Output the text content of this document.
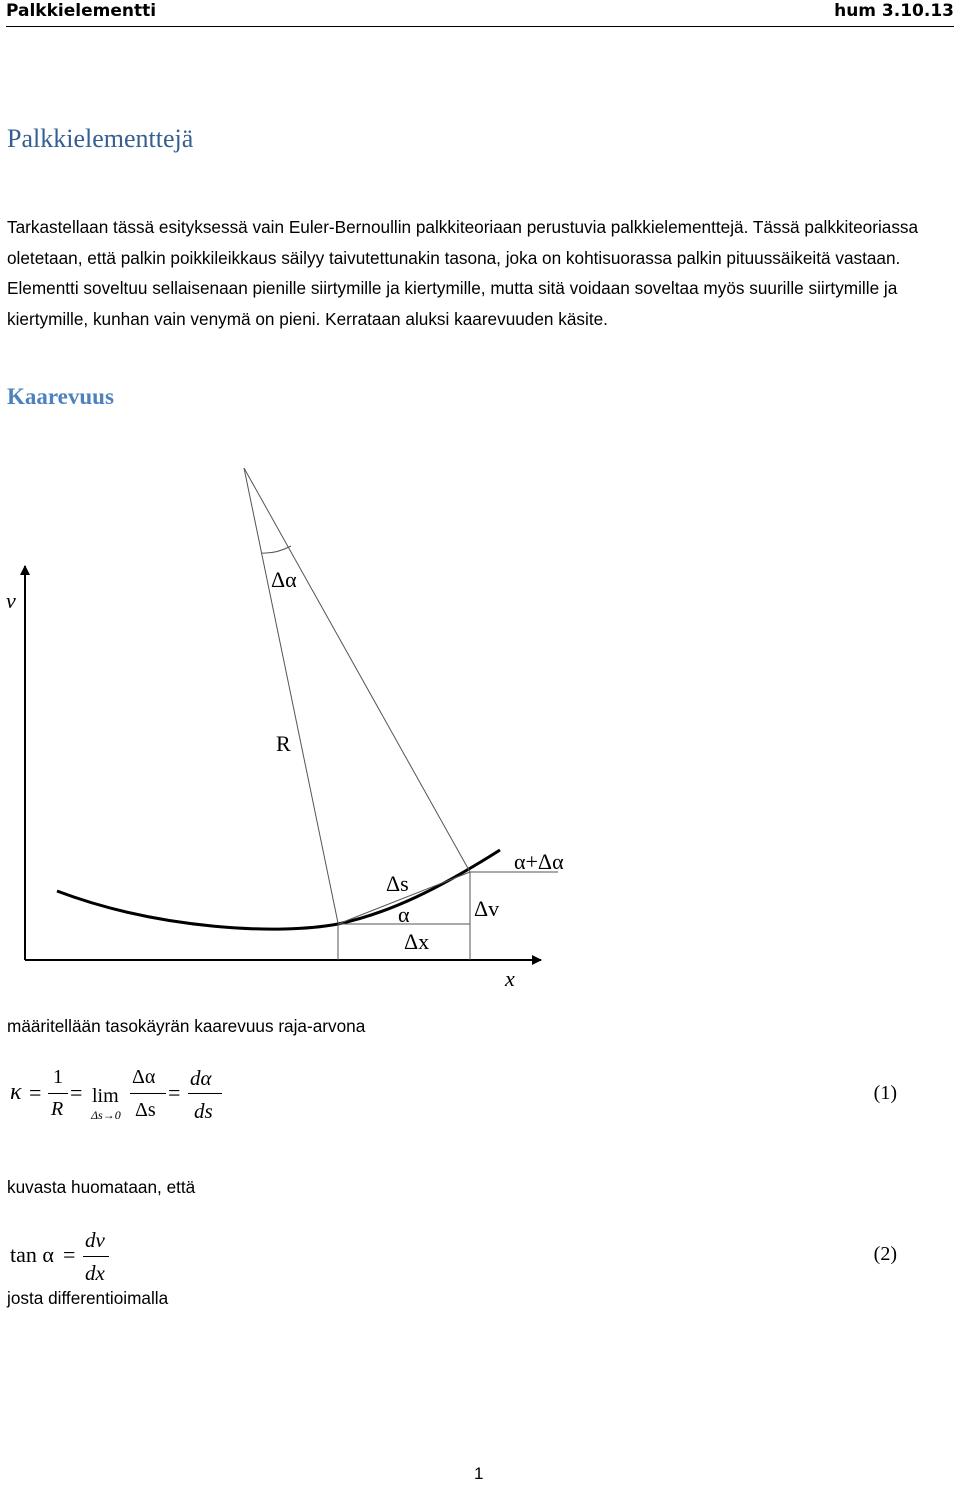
Palkkielementti	hum 3.10.13
Palkkielementtejä

Tarkastellaan tässä esityksessä vain Euler-Bernoullin palkkiteoriaan perustuvia palkkielementtejä. Tässä palkkiteoriassa oletetaan, että palkin poikkileikkaus säilyy taivutettunakin tasona, joka on kohtisuorassa palkin pituussäikeitä vastaan. Elementti soveltuu sellaisenaan pienille siirtymille ja kiertymille, mutta sitä voidaan soveltaa myös suurille siirtymille ja kiertymille, kunhan vain venymä on pieni. Kerrataan aluksi kaarevuuden käsite.

Kaarevuus
v
x
Δα
R
Δs
α
Δx
Δv
α+Δα

määritellään tasokäyrän kaarevuus raja-arvona

κ =
1
R
= lim
Δs→0
Δα
Δs
=
dα
ds
(1)

kuvasta huomataan, että

tan α =
dv
dx
(2)

josta differentioimalla

1
